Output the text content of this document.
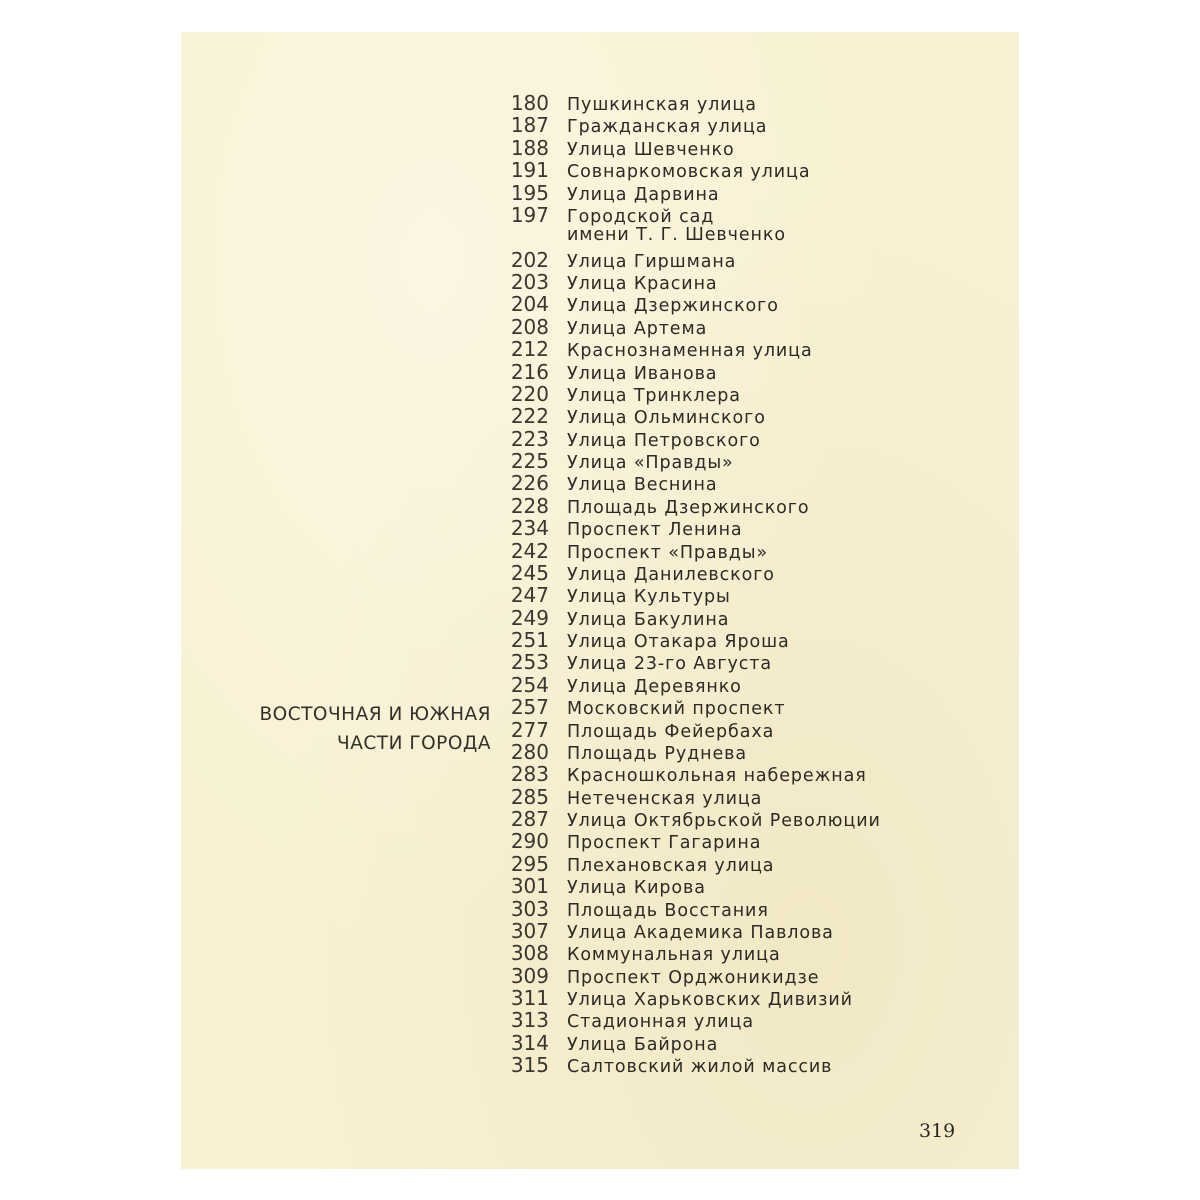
ВОСТОЧНАЯ И ЮЖНАЯ
ЧАСТИ ГОРОДА
180 Пушкинская улица
187 Гражданская улица
188 Улица Шевченко
191 Совнаркомовская улица
195 Улица Дарвина
197 Городской сад
имени Т. Г. Шевченко
202 Улица Гиршмана
203 Улица Красина
204 Улица Дзержинского
208 Улица Артема
212 Краснознаменная улица
216 Улица Иванова
220 Улица Тринклера
222 Улица Ольминского
223 Улица Петровского
225 Улица «Правды»
226 Улица Веснина
228 Площадь Дзержинского
234 Проспект Ленина
242 Проспект «Правды»
245 Улица Данилевского
247 Улица Культуры
249 Улица Бакулина
251 Улица Отакара Яроша
253 Улица 23-го Августа
254 Улица Деревянко
257 Московский проспект
277 Площадь Фейербаха
280 Площадь Руднева
283 Красношкольная набережная
285 Нетеченская улица
287 Улица Октябрьской Революции
290 Проспект Гагарина
295 Плехановская улица
301 Улица Кирова
303 Площадь Восстания
307 Улица Академика Павлова
308 Коммунальная улица
309 Проспект Орджоникидзе
311 Улица Харьковских Дивизий
313 Стадионная улица
314 Улица Байрона
315 Салтовский жилой массив
319
